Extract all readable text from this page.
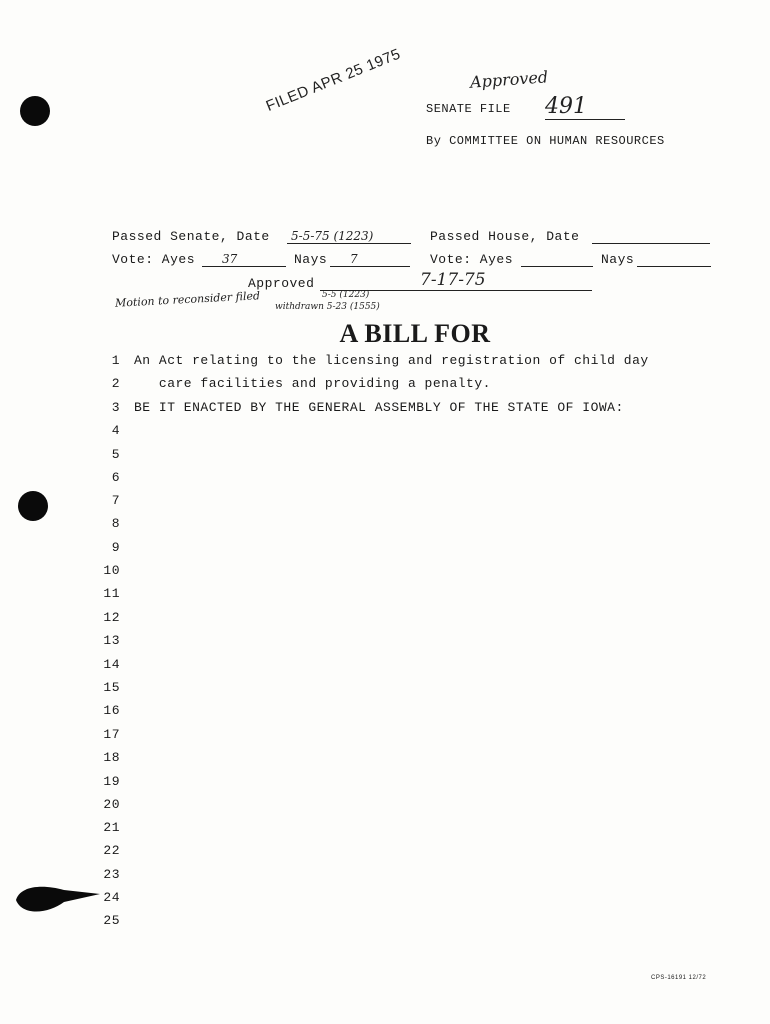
FILED APR 25 1975	Approved
SENATE FILE 491
By COMMITTEE ON HUMAN RESOURCES
Passed Senate, Date 5-5-75 (1223)	Passed House, Date
Vote: Ayes 37	Nays 7	Vote: Ayes	Nays
Approved	7-17-75
Motion to reconsider filed	5-5 (1223)
withdrawn 5-23 (1555)
A BILL FOR
1 An Act relating to the licensing and registration of child day
2 care facilities and providing a penalty.
3 BE IT ENACTED BY THE GENERAL ASSEMBLY OF THE STATE OF IOWA:
4
5
6
7
8
9
10
11
12
13
14
15
16
17
18
19
20
21
22
23
24
25
CPS-16191 12/72
